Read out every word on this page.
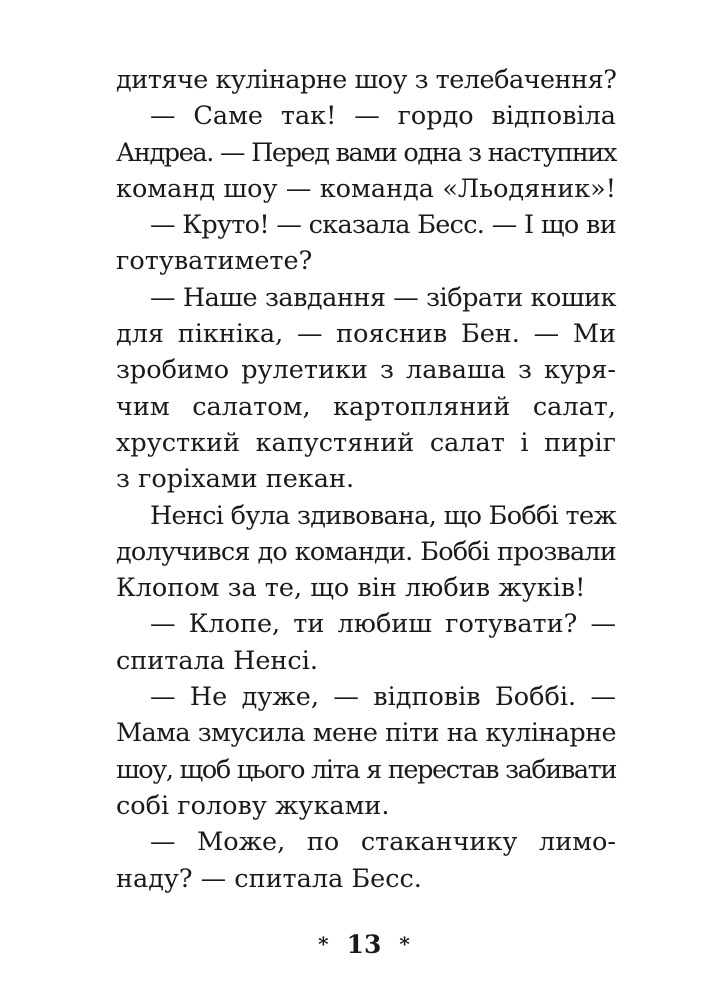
дитяче кулінарне шоу з телебачення?
— Саме так! — гордо відповіла
Андреа. — Перед вами одна з наступних
команд шоу — команда «Льодяник»!
— Круто! — сказала Бесс. — І що ви
готуватимете?
— Наше завдання — зібрати кошик
для пікніка, — пояснив Бен. — Ми
зробимо рулетики з лаваша з куря-
чим салатом, картопляний салат,
хрусткий капустяний салат і пиріг
з горіхами пекан.
Ненсі була здивована, що Боббі теж
долучився до команди. Боббі прозвали
Клопом за те, що він любив жуків!
— Клопе, ти любиш готувати? —
спитала Ненсі.
— Не дуже, — відповів Боббі. —
Мама змусила мене піти на кулінарне
шоу, щоб цього літа я перестав забивати
собі голову жуками.
— Може, по стаканчику лимо-
наду? — спитала Бесс.
* 13 *
